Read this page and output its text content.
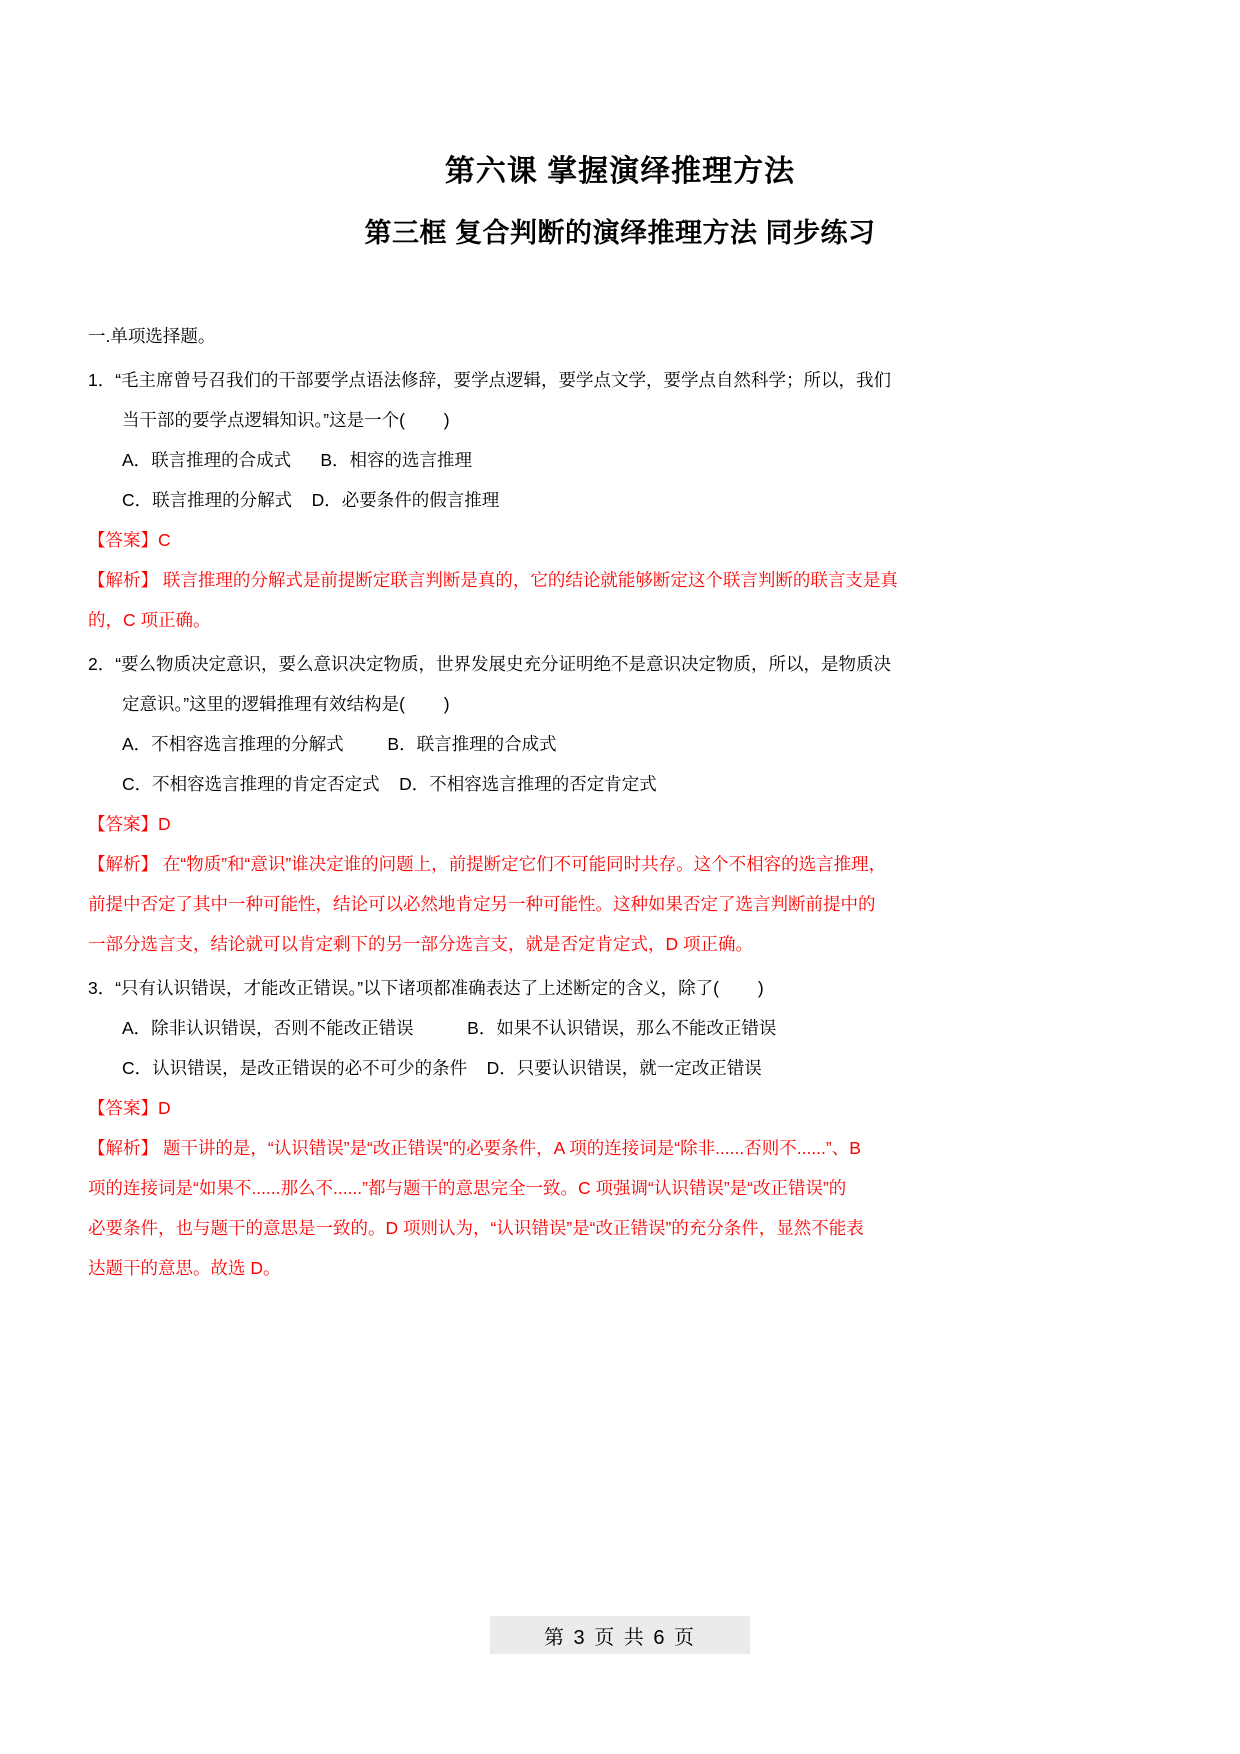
第六课 掌握演绎推理方法
第三框 复合判断的演绎推理方法 同步练习

一.单项选择题。

1．“毛主席曾号召我们的干部要学点语法修辞，要学点逻辑，要学点文学，要学点自然科学；所以，我们

当干部的要学点逻辑知识。”这是一个(        )

A．联言推理的合成式      B．相容的选言推理

C．联言推理的分解式    D．必要条件的假言推理

【答案】C

【解析】 联言推理的分解式是前提断定联言判断是真的，它的结论就能够断定这个联言判断的联言支是真

的，C 项正确。

2．“要么物质决定意识，要么意识决定物质，世界发展史充分证明绝不是意识决定物质，所以，是物质决

定意识。”这里的逻辑推理有效结构是(        )

A．不相容选言推理的分解式         B．联言推理的合成式

C．不相容选言推理的肯定否定式    D．不相容选言推理的否定肯定式

【答案】D

【解析】 在“物质”和“意识”谁决定谁的问题上，前提断定它们不可能同时共存。这个不相容的选言推理，

前提中否定了其中一种可能性，结论可以必然地肯定另一种可能性。这种如果否定了选言判断前提中的

一部分选言支，结论就可以肯定剩下的另一部分选言支，就是否定肯定式，D 项正确。

3．“只有认识错误，才能改正错误。”以下诸项都准确表达了上述断定的含义，除了(        )

A．除非认识错误，否则不能改正错误           B．如果不认识错误，那么不能改正错误

C．认识错误，是改正错误的必不可少的条件    D．只要认识错误，就一定改正错误

【答案】D

【解析】 题干讲的是，“认识错误”是“改正错误”的必要条件，A 项的连接词是“除非......否则不......”、B

项的连接词是“如果不......那么不......”都与题干的意思完全一致。C 项强调“认识错误”是“改正错误”的

必要条件，也与题干的意思是一致的。D 项则认为，“认识错误”是“改正错误”的充分条件，显然不能表

达题干的意思。故选 D。

第 3 页 共 6 页
